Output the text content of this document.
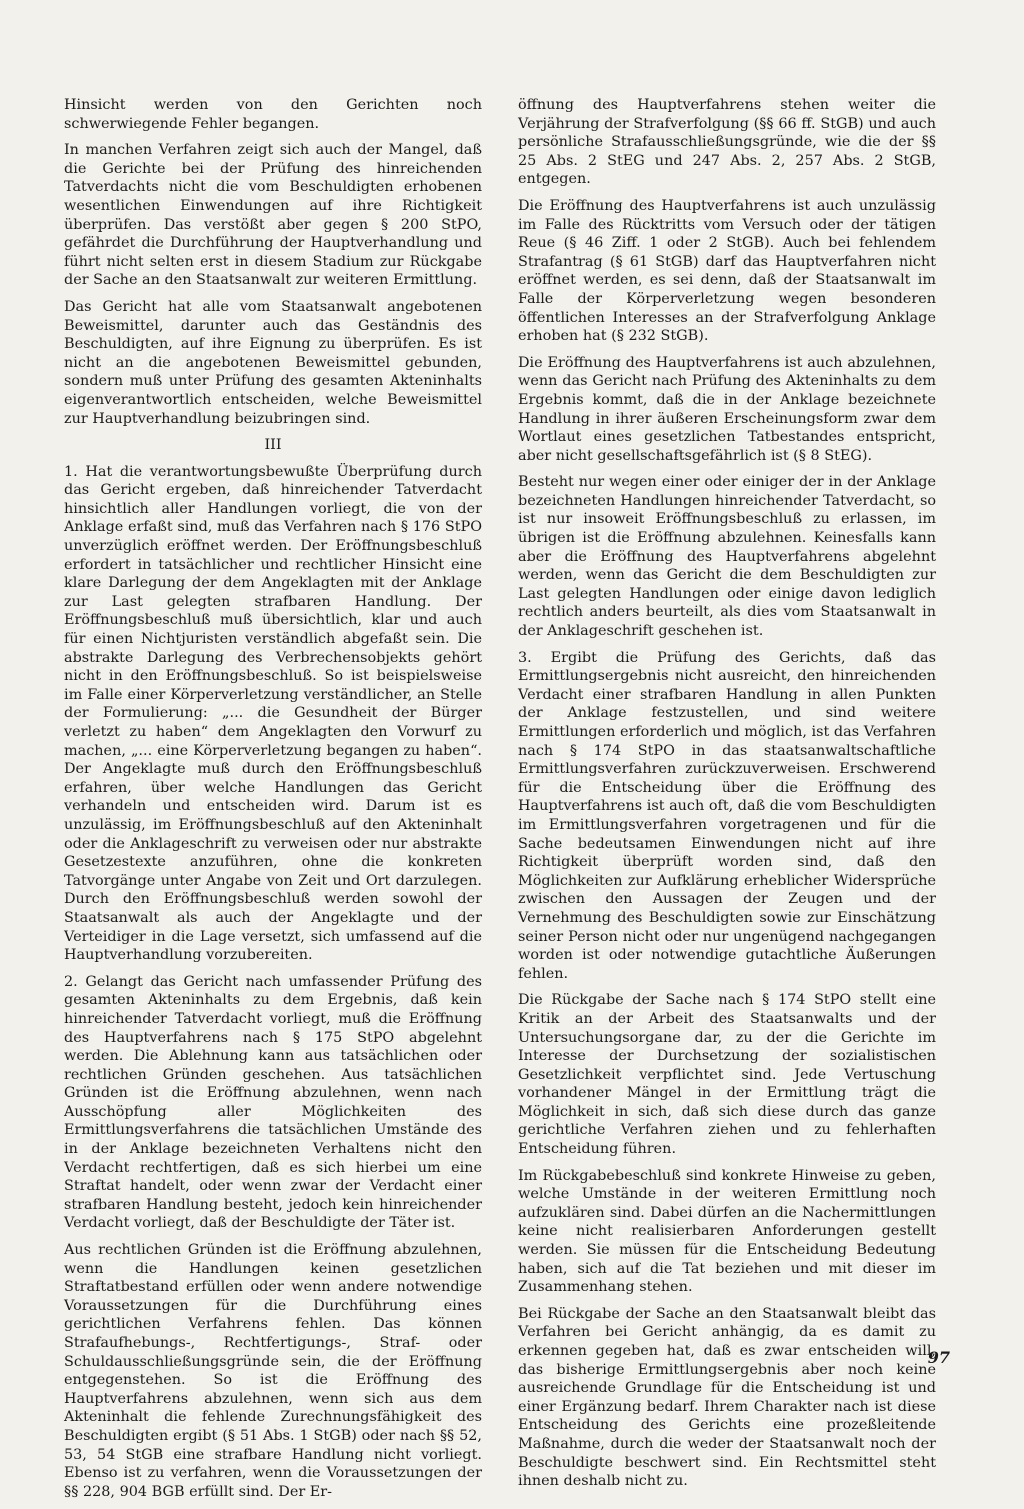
Hinsicht werden von den Gerichten noch schwerwiegende Fehler begangen.

In manchen Verfahren zeigt sich auch der Mangel, daß die Gerichte bei der Prüfung des hinreichenden Tatverdachts nicht die vom Beschuldigten erhobenen wesentlichen Einwendungen auf ihre Richtigkeit überprüfen. Das verstößt aber gegen § 200 StPO, gefährdet die Durchführung der Hauptverhandlung und führt nicht selten erst in diesem Stadium zur Rückgabe der Sache an den Staatsanwalt zur weiteren Ermittlung.

Das Gericht hat alle vom Staatsanwalt angebotenen Beweismittel, darunter auch das Geständnis des Beschuldigten, auf ihre Eignung zu überprüfen. Es ist nicht an die angebotenen Beweismittel gebunden, sondern muß unter Prüfung des gesamten Akteninhalts eigenverantwortlich entscheiden, welche Beweismittel zur Hauptverhandlung beizubringen sind.

III

1. Hat die verantwortungsbewußte Überprüfung durch das Gericht ergeben, daß hinreichender Tatverdacht hinsichtlich aller Handlungen vorliegt, die von der Anklage erfaßt sind, muß das Verfahren nach § 176 StPO unverzüglich eröffnet werden. Der Eröffnungsbeschluß erfordert in tatsächlicher und rechtlicher Hinsicht eine klare Darlegung der dem Angeklagten mit der Anklage zur Last gelegten strafbaren Handlung. Der Eröffnungsbeschluß muß übersichtlich, klar und auch für einen Nichtjuristen verständlich abgefaßt sein. Die abstrakte Darlegung des Verbrechensobjekts gehört nicht in den Eröffnungsbeschluß. So ist beispielsweise im Falle einer Körperverletzung verständlicher, an Stelle der Formulierung: „... die Gesundheit der Bürger verletzt zu haben“ dem Angeklagten den Vorwurf zu machen, „... eine Körperverletzung begangen zu haben“. Der Angeklagte muß durch den Eröffnungsbeschluß erfahren, über welche Handlungen das Gericht verhandeln und entscheiden wird. Darum ist es unzulässig, im Eröffnungsbeschluß auf den Akteninhalt oder die Anklageschrift zu verweisen oder nur abstrakte Gesetzestexte anzuführen, ohne die konkreten Tatvorgänge unter Angabe von Zeit und Ort darzulegen. Durch den Eröffnungsbeschluß werden sowohl der Staatsanwalt als auch der Angeklagte und der Verteidiger in die Lage versetzt, sich umfassend auf die Hauptverhandlung vorzubereiten.

2. Gelangt das Gericht nach umfassender Prüfung des gesamten Akteninhalts zu dem Ergebnis, daß kein hinreichender Tatverdacht vorliegt, muß die Eröffnung des Hauptverfahrens nach § 175 StPO abgelehnt werden. Die Ablehnung kann aus tatsächlichen oder rechtlichen Gründen geschehen. Aus tatsächlichen Gründen ist die Eröffnung abzulehnen, wenn nach Ausschöpfung aller Möglichkeiten des Ermittlungsverfahrens die tatsächlichen Umstände des in der Anklage bezeichneten Verhaltens nicht den Verdacht rechtfertigen, daß es sich hierbei um eine Straftat handelt, oder wenn zwar der Verdacht einer strafbaren Handlung besteht, jedoch kein hinreichender Verdacht vorliegt, daß der Beschuldigte der Täter ist.

Aus rechtlichen Gründen ist die Eröffnung abzulehnen, wenn die Handlungen keinen gesetzlichen Straftatbestand erfüllen oder wenn andere notwendige Voraussetzungen für die Durchführung eines gerichtlichen Verfahrens fehlen. Das können Strafaufhebungs-, Rechtfertigungs-, Straf- oder Schuldausschließungsgründe sein, die der Eröffnung entgegenstehen. So ist die Eröffnung des Hauptverfahrens abzulehnen, wenn sich aus dem Akteninhalt die fehlende Zurechnungsfähigkeit des Beschuldigten ergibt (§ 51 Abs. 1 StGB) oder nach §§ 52, 53, 54 StGB eine strafbare Handlung nicht vorliegt. Ebenso ist zu verfahren, wenn die Voraussetzungen der §§ 228, 904 BGB erfüllt sind. Der Er-

öffnung des Hauptverfahrens stehen weiter die Verjährung der Strafverfolgung (§§ 66 ff. StGB) und auch persönliche Strafausschließungsgründe, wie die der §§ 25 Abs. 2 StEG und 247 Abs. 2, 257 Abs. 2 StGB, entgegen.

Die Eröffnung des Hauptverfahrens ist auch unzulässig im Falle des Rücktritts vom Versuch oder der tätigen Reue (§ 46 Ziff. 1 oder 2 StGB). Auch bei fehlendem Strafantrag (§ 61 StGB) darf das Hauptverfahren nicht eröffnet werden, es sei denn, daß der Staatsanwalt im Falle der Körperverletzung wegen besonderen öffentlichen Interesses an der Strafverfolgung Anklage erhoben hat (§ 232 StGB).

Die Eröffnung des Hauptverfahrens ist auch abzulehnen, wenn das Gericht nach Prüfung des Akteninhalts zu dem Ergebnis kommt, daß die in der Anklage bezeichnete Handlung in ihrer äußeren Erscheinungsform zwar dem Wortlaut eines gesetzlichen Tatbestandes entspricht, aber nicht gesellschaftsgefährlich ist (§ 8 StEG).

Besteht nur wegen einer oder einiger der in der Anklage bezeichneten Handlungen hinreichender Tatverdacht, so ist nur insoweit Eröffnungsbeschluß zu erlassen, im übrigen ist die Eröffnung abzulehnen. Keinesfalls kann aber die Eröffnung des Hauptverfahrens abgelehnt werden, wenn das Gericht die dem Beschuldigten zur Last gelegten Handlungen oder einige davon lediglich rechtlich anders beurteilt, als dies vom Staatsanwalt in der Anklageschrift geschehen ist.

3. Ergibt die Prüfung des Gerichts, daß das Ermittlungsergebnis nicht ausreicht, den hinreichenden Verdacht einer strafbaren Handlung in allen Punkten der Anklage festzustellen, und sind weitere Ermittlungen erforderlich und möglich, ist das Verfahren nach § 174 StPO in das staatsanwaltschaftliche Ermittlungsverfahren zurückzuverweisen. Erschwerend für die Entscheidung über die Eröffnung des Hauptverfahrens ist auch oft, daß die vom Beschuldigten im Ermittlungsverfahren vorgetragenen und für die Sache bedeutsamen Einwendungen nicht auf ihre Richtigkeit überprüft worden sind, daß den Möglichkeiten zur Aufklärung erheblicher Widersprüche zwischen den Aussagen der Zeugen und der Vernehmung des Beschuldigten sowie zur Einschätzung seiner Person nicht oder nur ungenügend nachgegangen worden ist oder notwendige gutachtliche Äußerungen fehlen.

Die Rückgabe der Sache nach § 174 StPO stellt eine Kritik an der Arbeit des Staatsanwalts und der Untersuchungsorgane dar, zu der die Gerichte im Interesse der Durchsetzung der sozialistischen Gesetzlichkeit verpflichtet sind. Jede Vertuschung vorhandener Mängel in der Ermittlung trägt die Möglichkeit in sich, daß sich diese durch das ganze gerichtliche Verfahren ziehen und zu fehlerhaften Entscheidung führen.

Im Rückgabebeschluß sind konkrete Hinweise zu geben, welche Umstände in der weiteren Ermittlung noch aufzuklären sind. Dabei dürfen an die Nachermittlungen keine nicht realisierbaren Anforderungen gestellt werden. Sie müssen für die Entscheidung Bedeutung haben, sich auf die Tat beziehen und mit dieser im Zusammenhang stehen.

Bei Rückgabe der Sache an den Staatsanwalt bleibt das Verfahren bei Gericht anhängig, da es damit zu erkennen gegeben hat, daß es zwar entscheiden will, das bisherige Ermittlungsergebnis aber noch keine ausreichende Grundlage für die Entscheidung ist und einer Ergänzung bedarf. Ihrem Charakter nach ist diese Entscheidung des Gerichts eine prozeßleitende Maßnahme, durch die weder der Staatsanwalt noch der Beschuldigte beschwert sind. Ein Rechtsmittel steht ihnen deshalb nicht zu.

97
